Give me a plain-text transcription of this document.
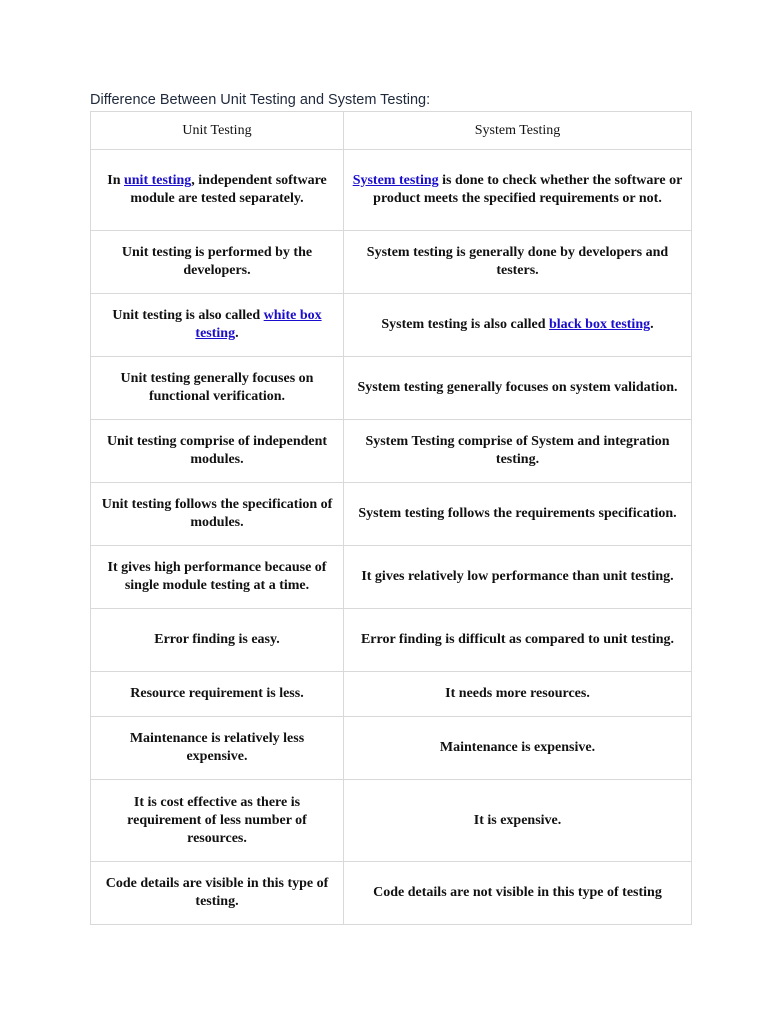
Difference Between Unit Testing and System Testing:
Unit Testing	System Testing
In unit testing, independent software module are tested separately.	System testing is done to check whether the software or product meets the specified requirements or not.
Unit testing is performed by the developers.	System testing is generally done by developers and testers.
Unit testing is also called white box testing.	System testing is also called black box testing.
Unit testing generally focuses on functional verification.	System testing generally focuses on system validation.
Unit testing comprise of independent modules.	System Testing comprise of System and integration testing.
Unit testing follows the specification of modules.	System testing follows the requirements specification.
It gives high performance because of single module testing at a time.	It gives relatively low performance than unit testing.
Error finding is easy.	Error finding is difficult as compared to unit testing.
Resource requirement is less.	It needs more resources.
Maintenance is relatively less expensive.	Maintenance is expensive.
It is cost effective as there is requirement of less number of resources.	It is expensive.
Code details are visible in this type of testing.	Code details are not visible in this type of testing
